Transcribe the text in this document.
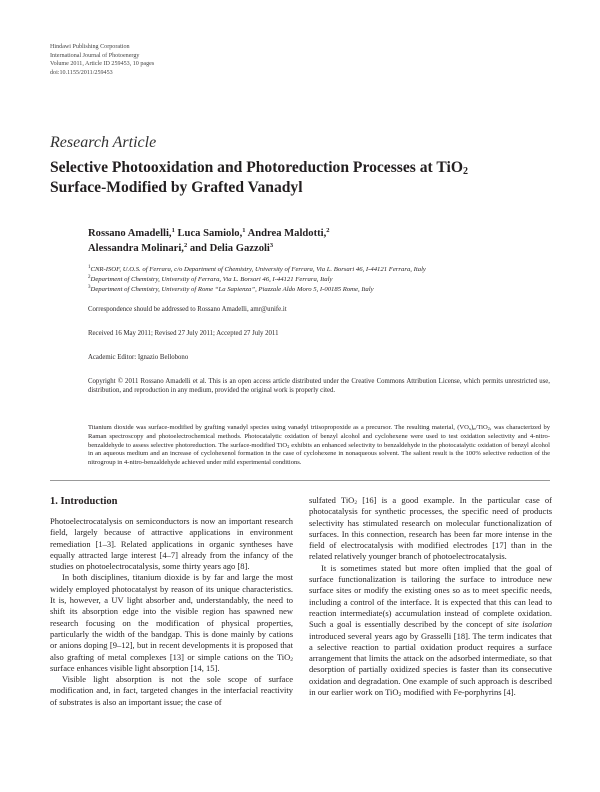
Hindawi Publishing Corporation
International Journal of Photoenergy
Volume 2011, Article ID 259453, 10 pages
doi:10.1155/2011/259453
Research Article
Selective Photooxidation and Photoreduction Processes at TiO$_2$
Surface-Modified by Grafted Vanadyl
Rossano Amadelli,$^1$ Luca Samiolo,$^1$ Andrea Maldotti,$^2$
Alessandra Molinari,$^2$ and Delia Gazzoli$^3$
$^1$CNR-ISOF, U.O.S. of Ferrara, c/o Department of Chemistry, University of Ferrara, Via L. Borsari 46, I-44121 Ferrara, Italy
$^2$Department of Chemistry, University of Ferrara, Via L. Borsari 46, I-44121 Ferrara, Italy
$^3$Department of Chemistry, University of Rome “La Sapienza”, Piazzale Aldo Moro 5, I-00185 Rome, Italy
Correspondence should be addressed to Rossano Amadelli, amr@unife.it
Received 16 May 2011; Revised 27 July 2011; Accepted 27 July 2011
Academic Editor: Ignazio Bellobono
Copyright © 2011 Rossano Amadelli et al. This is an open access article distributed under the Creative Commons Attribution License, which permits unrestricted use, distribution, and reproduction in any medium, provided the original work is properly cited.
Titanium dioxide was surface-modified by grafting vanadyl species using vanadyl triisopropoxide as a precursor. The resulting material, $(VO_x)_n/TiO_2$, was characterized by Raman spectroscopy and photoelectrochemical methods. Photocatalytic oxidation of benzyl alcohol and cyclohexene were used to test oxidation selectivity and 4-nitro-benzaldehyde to assess selective photoreduction. The surface-modified TiO$_2$ exhibits an enhanced selectivity to benzaldehyde in the photocatalytic oxidation of benzyl alcohol in an aqueous medium and an increase of cyclohexenol formation in the case of cyclohexene in nonaqueous solvent. The salient result is the 100% selective reduction of the nitrogroup in 4-nitro-benzaldehyde achieved under mild experimental conditions.
1. Introduction

Photoelectrocatalysis on semiconductors is now an important research field, largely because of attractive applications in environment remediation [1–3]. Related applications in organic syntheses have equally attracted large interest [4–7] already from the infancy of the studies on photoelectrocatalysis, some thirty years ago [8].

In both disciplines, titanium dioxide is by far and large the most widely employed photocatalyst by reason of its unique characteristics. It is, however, a UV light absorber and, understandably, the need to shift its absorption edge into the visible region has spawned new research focusing on the modification of physical properties, particularly the width of the bandgap. This is done mainly by cations or anions doping [9–12], but in recent developments it is proposed that also grafting of metal complexes [13] or simple cations on the TiO$_2$ surface enhances visible light absorption [14, 15].

Visible light absorption is not the sole scope of surface modification and, in fact, targeted changes in the interfacial reactivity of substrates is also an important issue; the case of

sulfated TiO$_2$ [16] is a good example. In the particular case of photocatalysis for synthetic processes, the specific need of products selectivity has stimulated research on molecular functionalization of surfaces. In this connection, research has been far more intense in the field of electrocatalysis with modified electrodes [17] than in the related relatively younger branch of photoelectrocatalysis.

It is sometimes stated but more often implied that the goal of surface functionalization is tailoring the surface to introduce new surface sites or modify the existing ones so as to meet specific needs, including a control of the interface. It is expected that this can lead to reaction intermediate(s) accumulation instead of complete oxidation. Such a goal is essentially described by the concept of site isolation introduced several years ago by Grasselli [18]. The term indicates that a selective reaction to partial oxidation product requires a surface arrangement that limits the attack on the adsorbed intermediate, so that desorption of partially oxidized species is faster than its consecutive oxidation and degradation. One example of such approach is described in our earlier work on TiO$_2$ modified with Fe-porphyrins [4].
